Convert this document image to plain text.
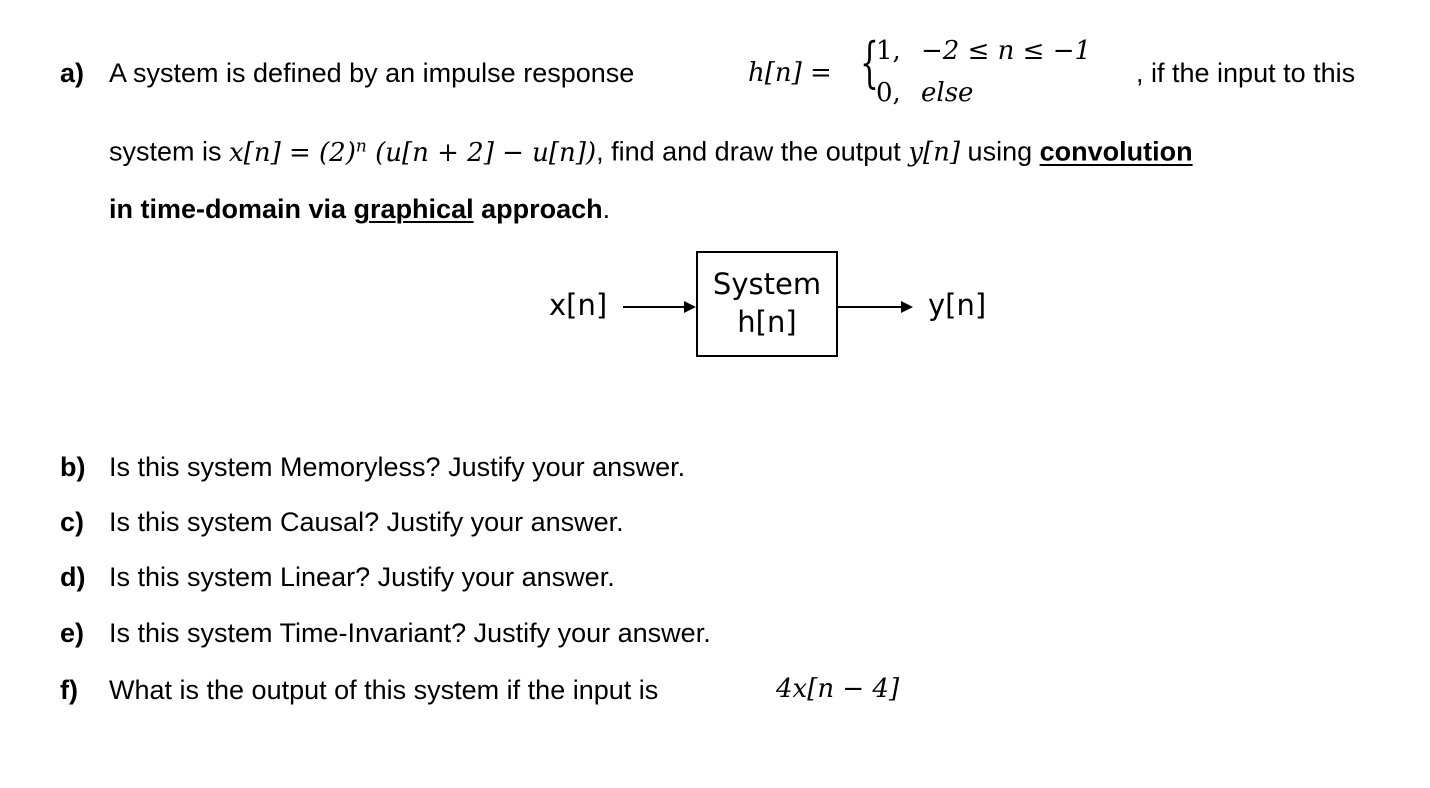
a) A system is defined by an impulse response	h[n] = {
1, −2 ≤ n ≤ −1
0, else
, if the input to this
system is $x[n] = (2)^n$ (u[n + 2] − u[n]), find and draw the output y[n] using convolution
in time-domain via graphical approach.
x[n]
System
h[n]	y[n]
b) Is this system Memoryless? Justify your answer.
c) Is this system Causal? Justify your answer.
d) Is this system Linear? Justify your answer.
e) Is this system Time-Invariant? Justify your answer.
f) What is the output of this system if the input is	4x[n − 4]
